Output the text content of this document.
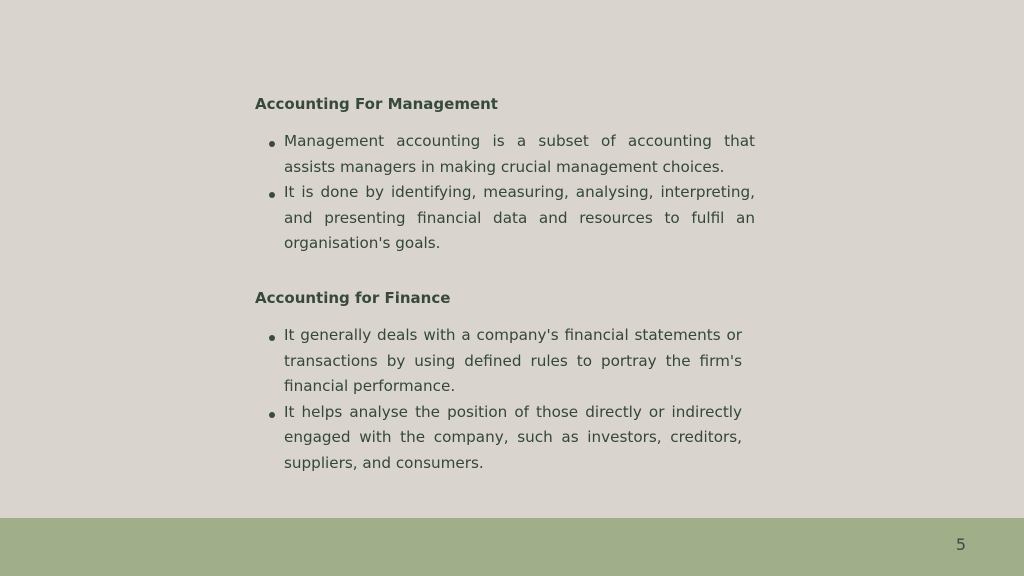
Accounting For Management
Management accounting is a subset of accounting that assists managers in making crucial management choices.
It is done by identifying, measuring, analysing, interpreting, and presenting financial data and resources to fulfil an organisation's goals.
Accounting for Finance
It generally deals with a company's financial statements or transactions by using defined rules to portray the firm's financial performance.
It helps analyse the position of those directly or indirectly engaged with the company, such as investors, creditors, suppliers, and consumers.
5
